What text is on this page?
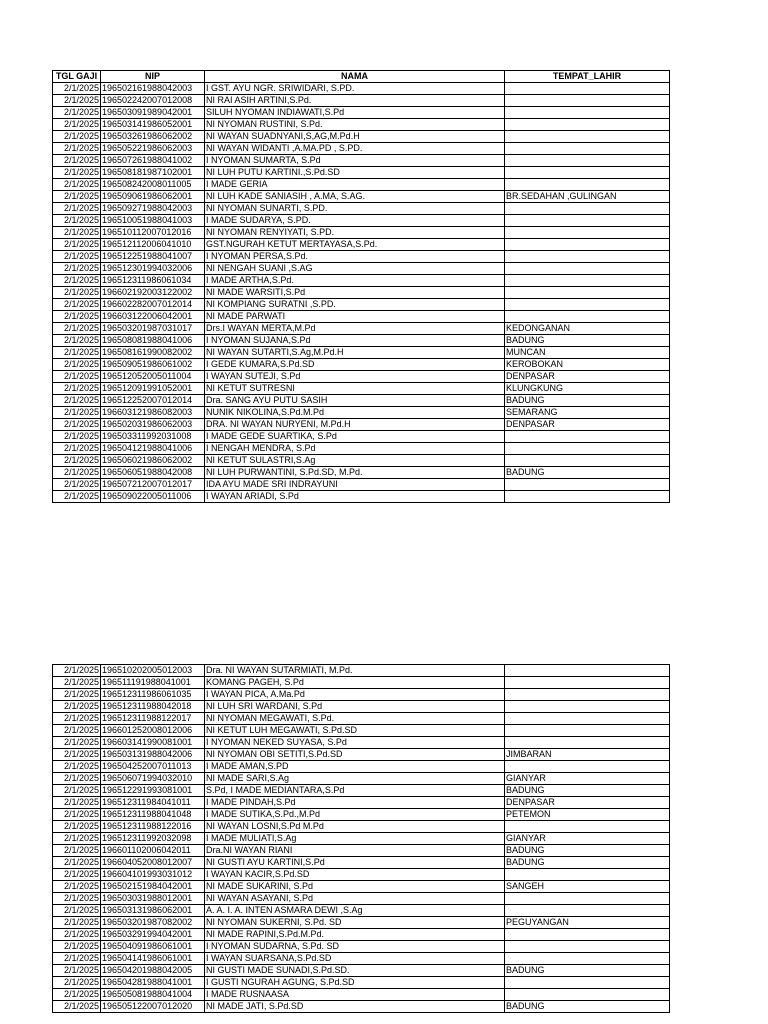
TGL GAJI	NIP	NAMA	TEMPAT_LAHIR
2/1/2025	196502161988042003	I GST. AYU NGR. SRIWIDARI, S.PD.	
2/1/2025	196502242007012008	NI RAI ASIH ARTINI,S.Pd.	
2/1/2025	196503091989042001	SILUH NYOMAN INDIAWATI,S.Pd	
2/1/2025	196503141986052001	NI NYOMAN RUSTINI, S.Pd.	
2/1/2025	196503261986062002	NI WAYAN SUADNYANI,S,AG,M.Pd.H	
2/1/2025	196505221986062003	NI WAYAN WIDANTI ,A.MA.PD , S.PD.	
2/1/2025	196507261988041002	I NYOMAN SUMARTA, S.Pd	
2/1/2025	196508181987102001	NI LUH PUTU KARTINI.,S.Pd.SD	
2/1/2025	196508242008011005	I MADE GERIA	
2/1/2025	196509061986062001	NI LUH KADE SANIASIH , A.MA, S.AG.	BR.SEDAHAN ,GULINGAN
2/1/2025	196509271988042003	NI NYOMAN SUNARTI, S.PD.	
2/1/2025	196510051988041003	I MADE SUDARYA, S.PD.	
2/1/2025	196510112007012016	NI NYOMAN RENYIYATI, S.PD.	
2/1/2025	196512112006041010	GST.NGURAH KETUT MERTAYASA,S.Pd.	
2/1/2025	196512251988041007	I NYOMAN PERSA,S.Pd.	
2/1/2025	196512301994032006	NI NENGAH SUANI ,S.AG	
2/1/2025	196512311986061034	I MADE ARTHA,S.Pd.	
2/1/2025	196602192003122002	NI MADE WARSITI,S.Pd	
2/1/2025	196602282007012014	NI KOMPIANG SURATNI ,S.PD.	
2/1/2025	196603122006042001	NI MADE PARWATI	
2/1/2025	196503201987031017	Drs.I WAYAN MERTA,M.Pd	KEDONGANAN
2/1/2025	196508081988041006	I NYOMAN SUJANA,S.Pd	BADUNG
2/1/2025	196508161990082002	NI WAYAN SUTARTI,S.Ag,M.Pd.H	MUNCAN
2/1/2025	196509051986061002	I GEDE KUMARA,S.Pd.SD	KEROBOKAN
2/1/2025	196512052005011004	I WAYAN SUTEJI, S.Pd	DENPASAR
2/1/2025	196512091991052001	NI KETUT SUTRESNI	KLUNGKUNG
2/1/2025	196512252007012014	Dra. SANG AYU PUTU SASIH	BADUNG
2/1/2025	196603121986082003	NUNIK NIKOLINA,S.Pd.M.Pd	SEMARANG
2/1/2025	196502031986062003	DRA. NI WAYAN NURYENI, M.Pd.H	DENPASAR
2/1/2025	196503311992031008	I MADE GEDE SUARTIKA, S.Pd	
2/1/2025	196504121988041006	I NENGAH MENDRA, S.Pd	
2/1/2025	196506021986062002	NI KETUT SULASTRI,S.Ag	
2/1/2025	196506051988042008	NI LUH PURWANTINI, S.Pd.SD, M.Pd.	BADUNG
2/1/2025	196507212007012017	IDA AYU MADE SRI INDRAYUNI	
2/1/2025	196509022005011006	I WAYAN ARIADI, S.Pd	
2/1/2025	196510202005012003	Dra. NI WAYAN SUTARMIATI, M.Pd.	
2/1/2025	196511191988041001	KOMANG PAGEH, S.Pd	
2/1/2025	196512311986061035	I WAYAN PICA, A.Ma.Pd	
2/1/2025	196512311988042018	NI LUH SRI WARDANI, S.Pd	
2/1/2025	196512311988122017	NI NYOMAN MEGAWATI, S.Pd.	
2/1/2025	196601252008012006	NI KETUT LUH MEGAWATI, S.Pd.SD	
2/1/2025	196603141990081001	I NYOMAN NEKED SUYASA, S.Pd	
2/1/2025	196503131988042006	NI NYOMAN OBI SETITI,S.Pd.SD	JIMBARAN
2/1/2025	196504252007011013	I MADE AMAN,S.PD	
2/1/2025	196506071994032010	NI MADE SARI,S.Ag	GIANYAR
2/1/2025	196512291993081001	S.Pd, I MADE MEDIANTARA,S.Pd	BADUNG
2/1/2025	196512311984041011	I MADE PINDAH,S.Pd	DENPASAR
2/1/2025	196512311988041048	I MADE SUTIKA,S.Pd.,M.Pd	PETEMON
2/1/2025	196512311988122016	NI WAYAN LOSNI,S.Pd M.Pd	
2/1/2025	196512311992032098	I MADE MULIATI,S.Ag	GIANYAR
2/1/2025	196601102006042011	Dra.NI WAYAN RIANI	BADUNG
2/1/2025	196604052008012007	NI GUSTI AYU KARTINI,S.Pd	BADUNG
2/1/2025	196604101993031012	I WAYAN KACIR,S.Pd.SD	
2/1/2025	196502151984042001	NI MADE SUKARINI, S.Pd	SANGEH
2/1/2025	196503031988012001	NI WAYAN ASAYANI, S.Pd	
2/1/2025	196503131986062001	A. A. I. A. INTEN ASMARA DEWI ,S.Ag	
2/1/2025	196503201987082002	NI NYOMAN SUKERNI, S.Pd. SD	PEGUYANGAN
2/1/2025	196503291994042001	NI MADE RAPINI,S.Pd.M.Pd.	
2/1/2025	196504091986061001	I NYOMAN SUDARNA, S.Pd. SD	
2/1/2025	196504141986061001	I WAYAN SUARSANA,S.Pd.SD	
2/1/2025	196504201988042005	NI GUSTI MADE SUNADI,S.Pd.SD.	BADUNG
2/1/2025	196504281988041001	I GUSTI NGURAH AGUNG, S.Pd.SD	
2/1/2025	196505081988041004	I MADE RUSNAASA	
2/1/2025	196505122007012020	NI MADE JATI, S.Pd.SD	BADUNG
